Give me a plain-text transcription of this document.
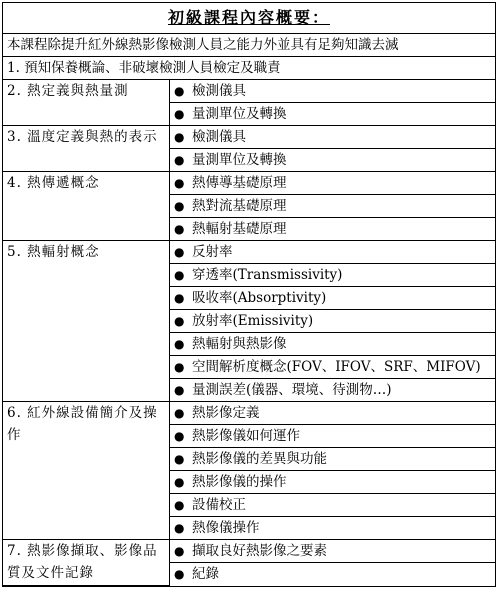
初級課程內容概要：
本課程除提升紅外線熱影像檢測人員之能力外並具有足夠知識去滅
1. 預知保養概論、非破壞檢測人員檢定及職責
2. 熱定義與熱量測	● 檢測儀具
	● 量測單位及轉換
3. 溫度定義與熱的表示	● 檢測儀具
	● 量測單位及轉換
4. 熱傳遞概念	● 熱傳導基礎原理
	● 熱對流基礎原理
	● 熱輻射基礎原理
5. 熱輻射概念	● 反射率
	● 穿透率(Transmissivity)
	● 吸收率(Absorptivity)
	● 放射率(Emissivity)
	● 熱輻射與熱影像
	● 空間解析度概念(FOV、IFOV、SRF、MIFOV)
	● 量測誤差(儀器、環境、待測物…)
6. 紅外線設備簡介及操作	● 熱影像定義
	● 熱影像儀如何運作
	● 熱影像儀的差異與功能
	● 熱影像儀的操作
	● 設備校正
	● 熱像儀操作
7. 熱影像擷取、影像品質及文件記錄	● 擷取良好熱影像之要素
	● 紀錄
